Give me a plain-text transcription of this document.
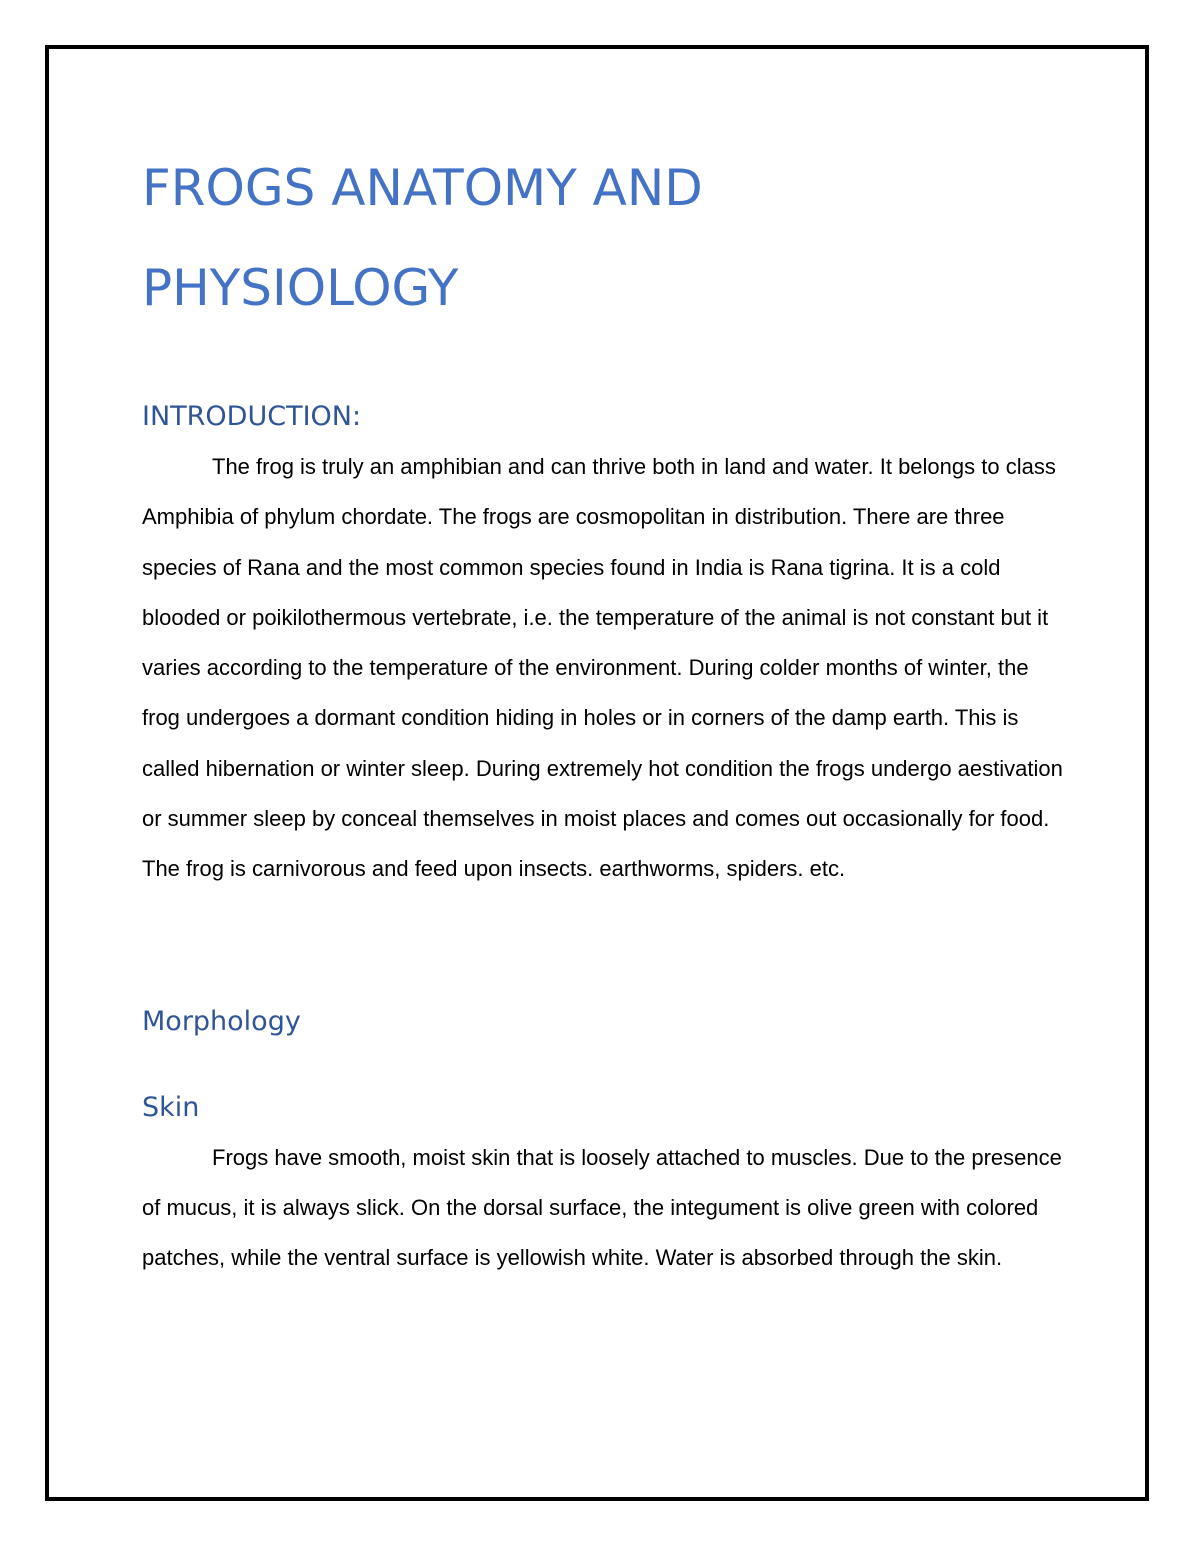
FROGS ANATOMY AND
PHYSIOLOGY
INTRODUCTION:

The frog is truly an amphibian and can thrive both in land and water. It belongs to class Amphibia of phylum chordate. The frogs are cosmopolitan in distribution. There are three species of Rana and the most common species found in India is Rana tigrina. It is a cold blooded or poikilothermous vertebrate, i.e. the temperature of the animal is not constant but it varies according to the temperature of the environment. During colder months of winter, the frog undergoes a dormant condition hiding in holes or in corners of the damp earth. This is called hibernation or winter sleep. During extremely hot condition the frogs undergo aestivation or summer sleep by conceal themselves in moist places and comes out occasionally for food. The frog is carnivorous and feed upon insects. earthworms, spiders. etc.

Morphology
Skin

Frogs have smooth, moist skin that is loosely attached to muscles. Due to the presence of mucus, it is always slick. On the dorsal surface, the integument is olive green with colored patches, while the ventral surface is yellowish white. Water is absorbed through the skin.
